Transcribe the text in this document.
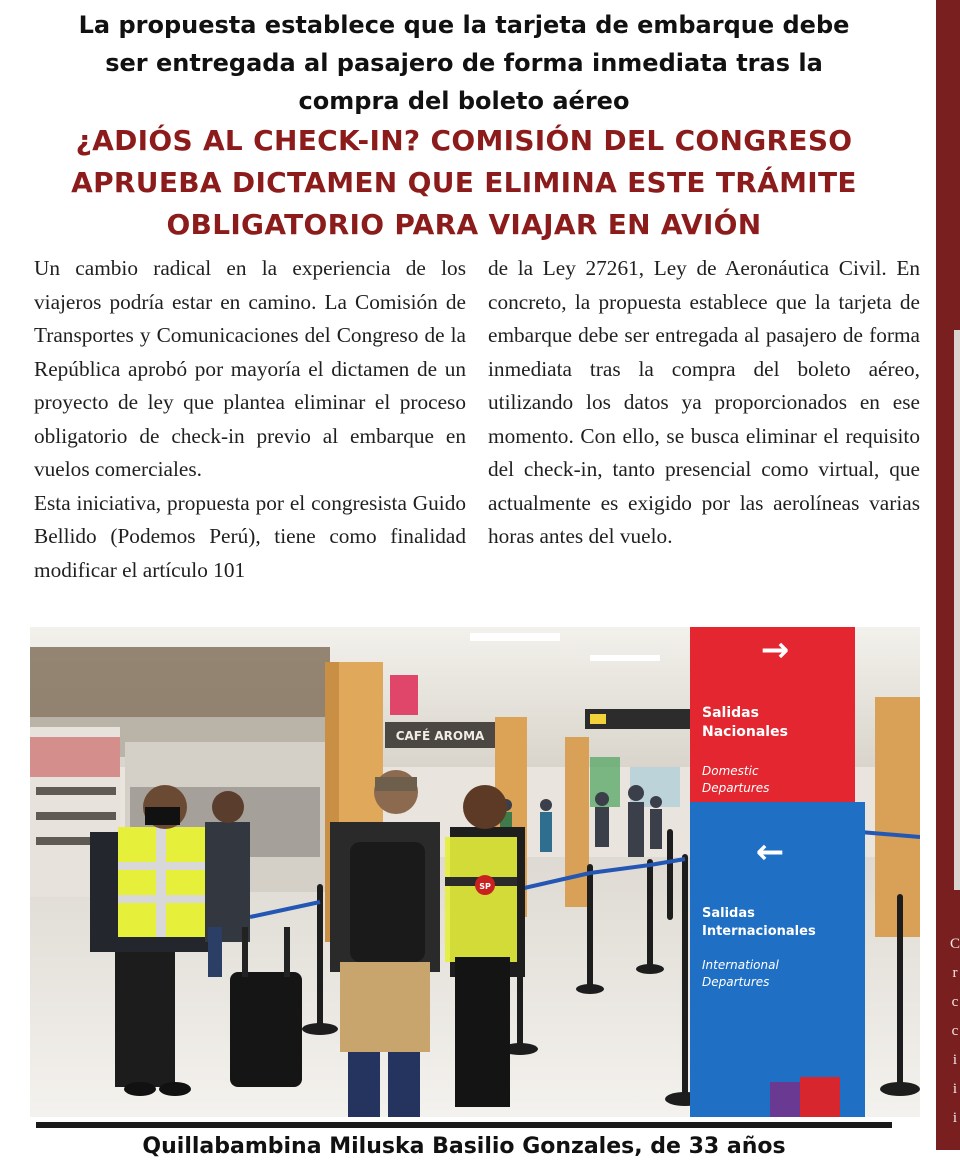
C
r
c
c
i
i
i
La propuesta establece que la tarjeta de embarque debe ser entregada al pasajero de forma inmediata tras la compra del boleto aéreo
¿ADIÓS AL CHECK-IN? COMISIÓN DEL CONGRESO APRUEBA DICTAMEN QUE ELIMINA ESTE TRÁMITE OBLIGATORIO PARA VIAJAR EN AVIÓN

Un cambio radical en la experiencia de los viajeros podría estar en camino. La Comisión de Transportes y Comunicaciones del Congreso de la República aprobó por mayoría el dictamen de un proyecto de ley que plantea eliminar el proceso obligatorio de check-in previo al embarque en vuelos comerciales.

Esta iniciativa, propuesta por el congresista Guido Bellido (Podemos Perú), tiene como finalidad modificar el artículo 101

de la Ley 27261, Ley de Aeronáutica Civil. En concreto, la propuesta establece que la tarjeta de embarque debe ser entregada al pasajero de forma inmediata tras la compra del boleto aéreo, utilizando los datos ya proporcionados en ese momento. Con ello, se busca eliminar el requisito del check-in, tanto presencial como virtual, que actualmente es exigido por las aerolíneas varias horas antes del vuelo.

CAFÉ AROMA
SP
→
Salidas Nacionales
Domestic Departures
←
Salidas Internacionales
International Departures
Quillabambina Miluska Basilio Gonzales, de 33 años
